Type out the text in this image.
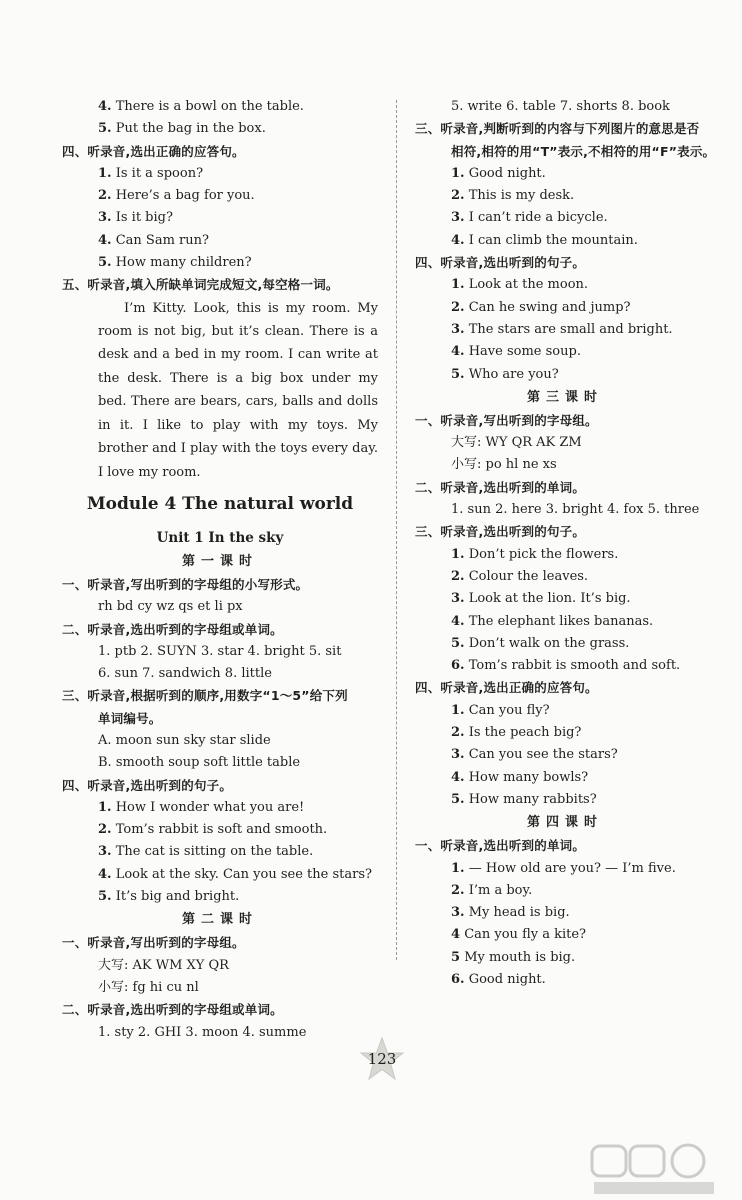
4. There is a bowl on the table.
5. Put the bag in the box.
四、听录音,选出正确的应答句。
1. Is it a spoon?
2. Here’s a bag for you.
3. Is it big?
4. Can Sam run?
5. How many children?
五、听录音,填入所缺单词完成短文,每空格一词。
I’m Kitty. Look, this is my room. My room is not big, but it’s clean. There is a desk and a bed in my room. I can write at the desk. There is a big box under my bed. There are bears, cars, balls and dolls in it. I like to play with my toys. My brother and I play with the toys every day. I love my room.
Module 4 The natural world
Unit 1 In the sky
第一课时
一、听录音,写出听到的字母组的小写形式。
rh bd cy wz qs et li px
二、听录音,选出听到的字母组或单词。
1. ptb 2. SUYN 3. star 4. bright 5. sit
6. sun 7. sandwich 8. little
三、听录音,根据听到的顺序,用数字“1～5”给下列
单词编号。
A. moon sun sky star slide
B. smooth soup soft little table
四、听录音,选出听到的句子。
1. How I wonder what you are!
2. Tom’s rabbit is soft and smooth.
3. The cat is sitting on the table.
4. Look at the sky. Can you see the stars?
5. It’s big and bright.
第二课时
一、听录音,写出听到的字母组。
大写: AK WM XY QR
小写: fg hi cu nl
二、听录音,选出听到的字母组或单词。
1. sty 2. GHI 3. moon 4. summe
5. write 6. table 7. shorts 8. book
三、听录音,判断听到的内容与下列图片的意思是否
相符,相符的用“T”表示,不相符的用“F”表示。
1. Good night.
2. This is my desk.
3. I can’t ride a bicycle.
4. I can climb the mountain.
四、听录音,选出听到的句子。
1. Look at the moon.
2. Can he swing and jump?
3. The stars are small and bright.
4. Have some soup.
5. Who are you?
第三课时
一、听录音,写出听到的字母组。
大写: WY QR AK ZM
小写: po hl ne xs
二、听录音,选出听到的单词。
1. sun 2. here 3. bright 4. fox 5. three
三、听录音,选出听到的句子。
1. Don’t pick the flowers.
2. Colour the leaves.
3. Look at the lion. It’s big.
4. The elephant likes bananas.
5. Don’t walk on the grass.
6. Tom’s rabbit is smooth and soft.
四、听录音,选出正确的应答句。
1. Can you fly?
2. Is the peach big?
3. Can you see the stars?
4. How many bowls?
5. How many rabbits?
第四课时
一、听录音,选出听到的单词。
1. — How old are you? — I’m five.
2. I’m a boy.
3. My head is big.
4 Can you fly a kite?
5 My mouth is big.
6. Good night.
123
